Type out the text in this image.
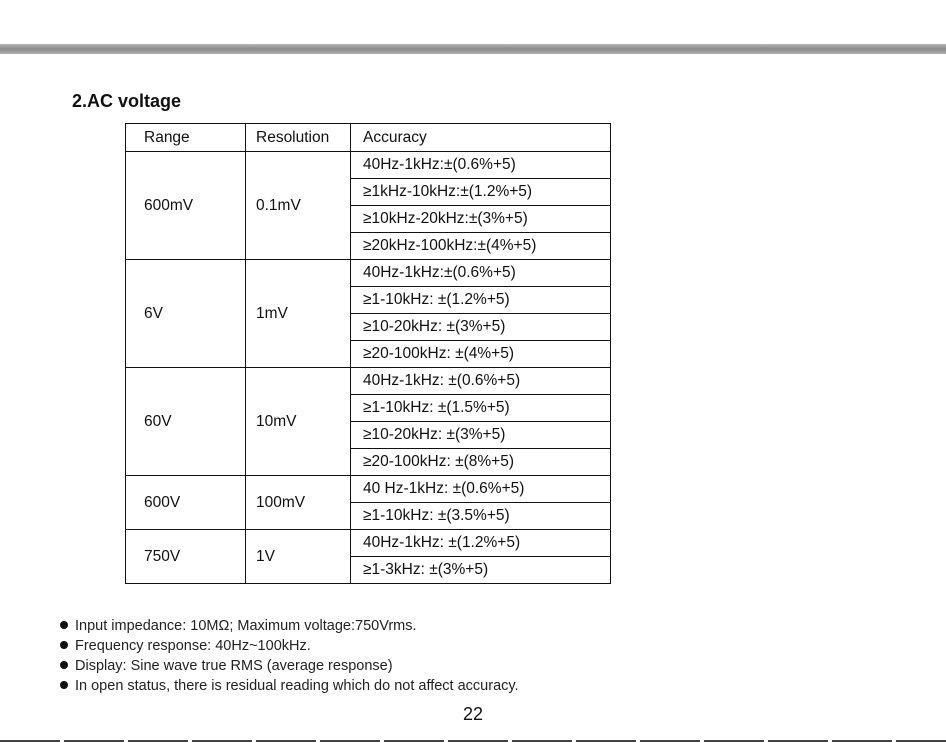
2.AC voltage
Range	Resolution	Accuracy
600mV	0.1mV	40Hz-1kHz:±(0.6%+5)
		≥1kHz-10kHz:±(1.2%+5)
		≥10kHz-20kHz:±(3%+5)
		≥20kHz-100kHz:±(4%+5)
6V	1mV	40Hz-1kHz:±(0.6%+5)
		≥1-10kHz: ±(1.2%+5)
		≥10-20kHz: ±(3%+5)
		≥20-100kHz: ±(4%+5)
60V	10mV	40Hz-1kHz: ±(0.6%+5)
		≥1-10kHz: ±(1.5%+5)
		≥10-20kHz: ±(3%+5)
		≥20-100kHz: ±(8%+5)
600V	100mV	40 Hz-1kHz: ±(0.6%+5)
		≥1-10kHz: ±(3.5%+5)
750V	1V	40Hz-1kHz: ±(1.2%+5)
		≥1-3kHz: ±(3%+5)
Input impedance: 10MΩ; Maximum voltage:750Vrms.
Frequency response: 40Hz~100kHz.
Display: Sine wave true RMS (average response)
In open status, there is residual reading which do not affect accuracy.
22
